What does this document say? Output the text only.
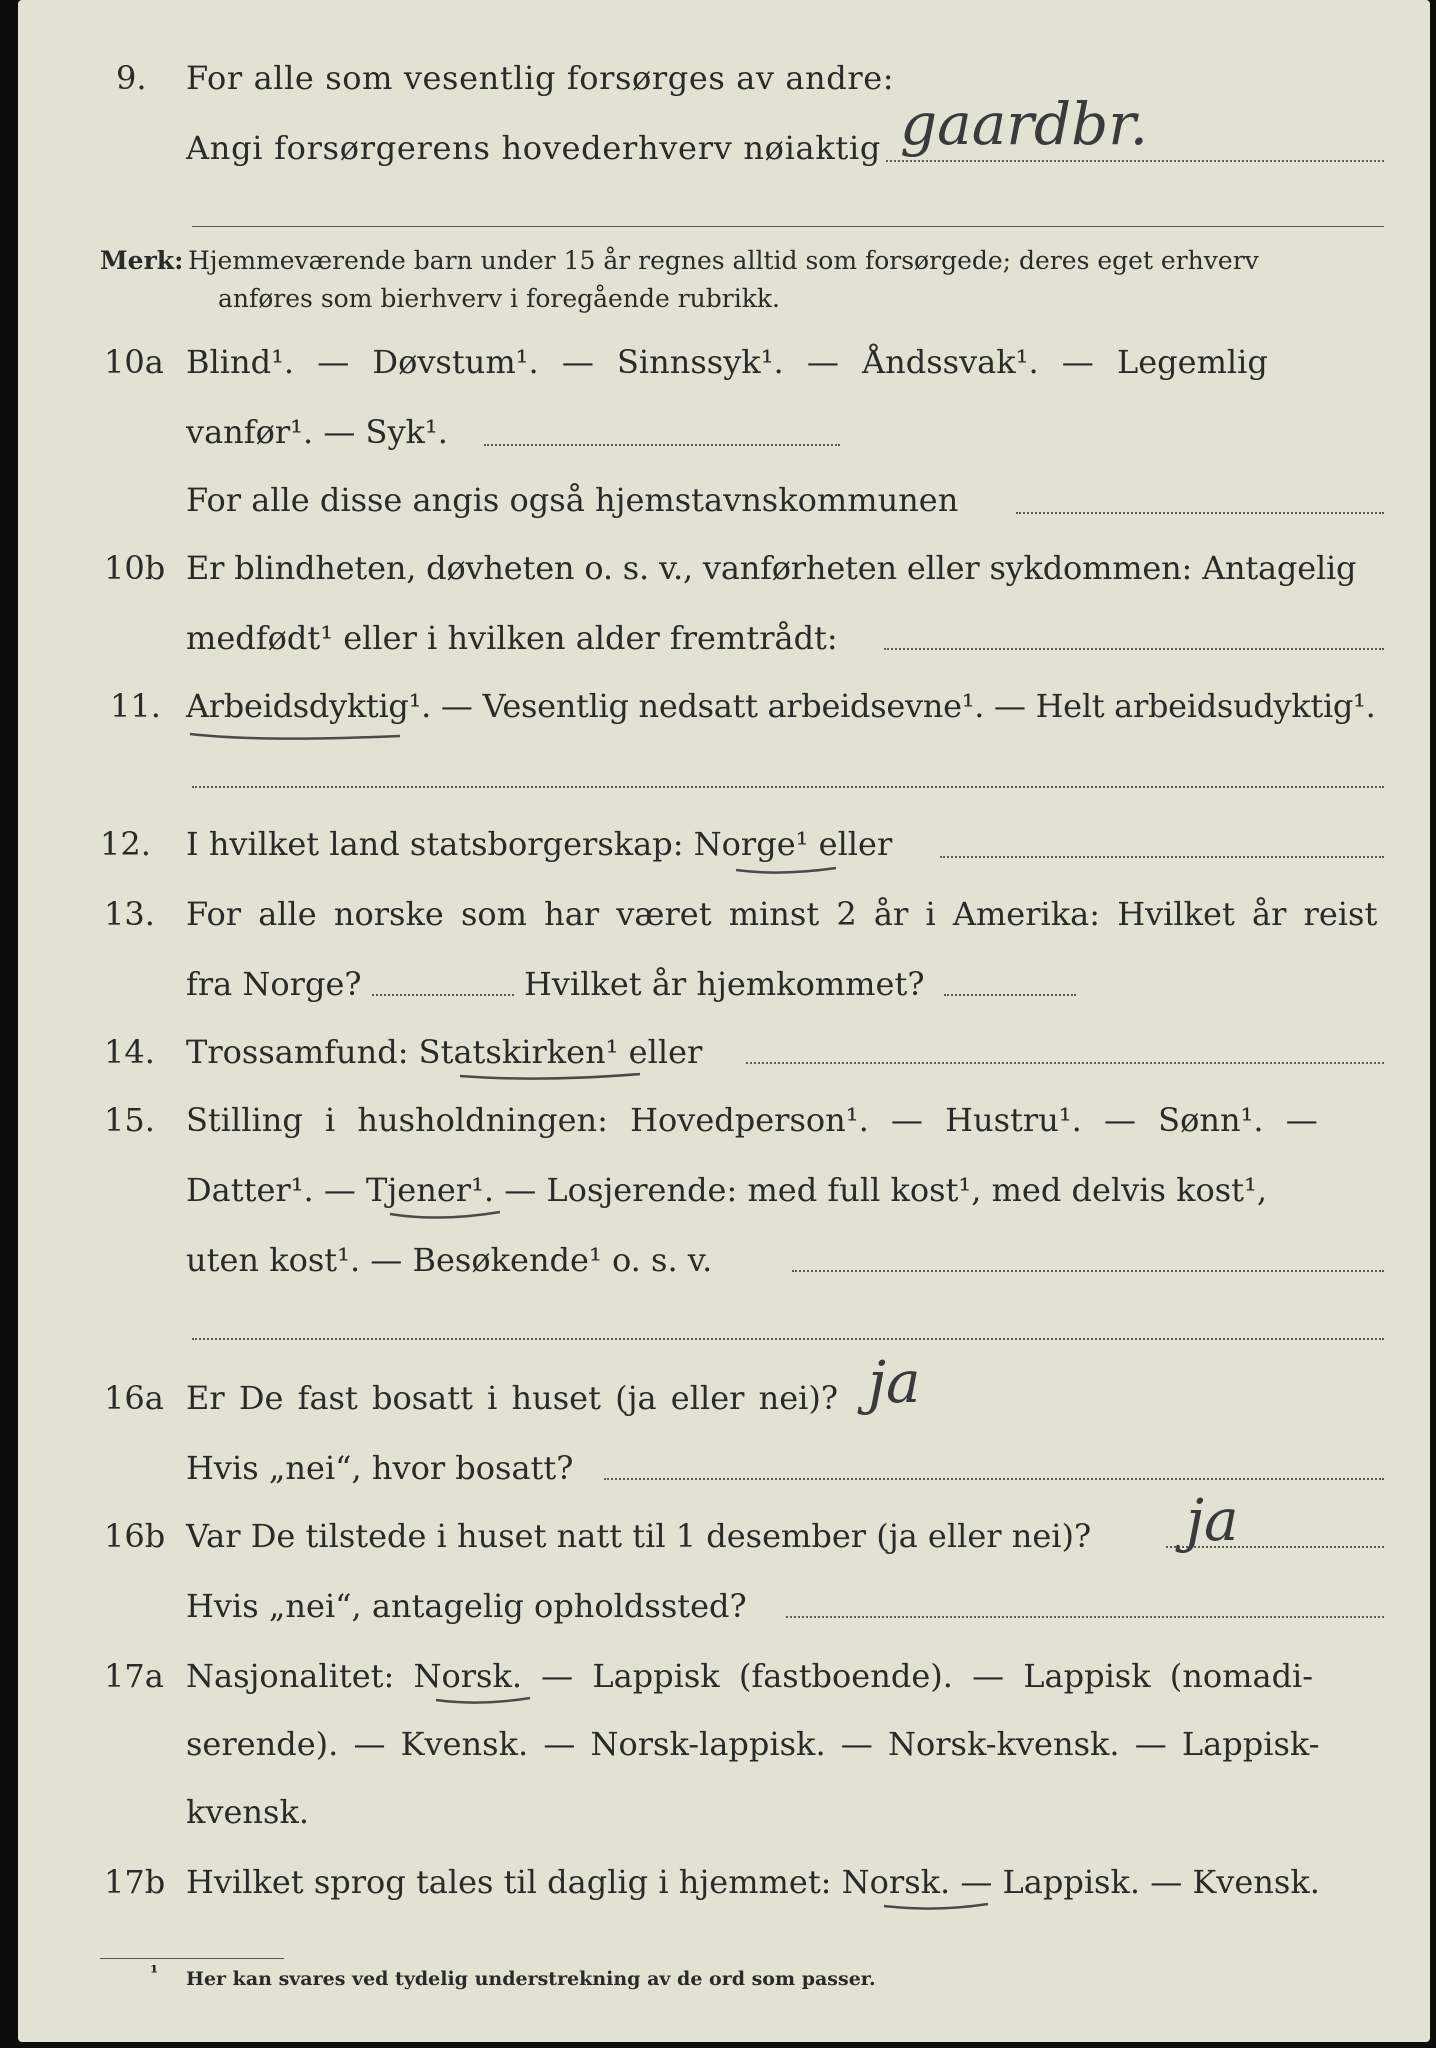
9. For alle som vesentlig forsørges av andre:
Angi forsørgerens hovederhverv nøiaktig gaardbr.
Merk: Hjemmeværende barn under 15 år regnes alltid som forsørgede; deres eget erhverv
anføres som bierhverv i foregående rubrikk.
10a Blind¹. — Døvstum¹. — Sinnssyk¹. — Åndssvak¹. — Legemlig
vanfør¹. — Syk¹.
For alle disse angis også hjemstavnskommunen
10b Er blindheten, døvheten o. s. v., vanførheten eller sykdommen: Antagelig
medfødt¹ eller i hvilken alder fremtrådt:
11. Arbeidsdyktig¹. — Vesentlig nedsatt arbeidsevne¹. — Helt arbeidsudyktig¹.
12. I hvilket land statsborgerskap: Norge¹ eller
13. For alle norske som har været minst 2 år i Amerika: Hvilket år reist
fra Norge?	Hvilket år hjemkommet?
14. Trossamfund: Statskirken¹ eller
15. Stilling i husholdningen: Hovedperson¹. — Hustru¹. — Sønn¹. —
Datter¹. — Tjener¹. — Losjerende: med full kost¹, med delvis kost¹,
uten kost¹. — Besøkende¹ o. s. v.
16a Er De fast bosatt i huset (ja eller nei)? ja
Hvis „nei“, hvor bosatt?
16b Var De tilstede i huset natt til 1 desember (ja eller nei)? ja
Hvis „nei“, antagelig opholdssted?
17a Nasjonalitet: Norsk. — Lappisk (fastboende). — Lappisk (nomadi-
serende). — Kvensk. — Norsk-lappisk. — Norsk-kvensk. — Lappisk-
kvensk.
17b Hvilket sprog tales til daglig i hjemmet: Norsk. — Lappisk. — Kvensk.
¹ Her kan svares ved tydelig understrekning av de ord som passer.
